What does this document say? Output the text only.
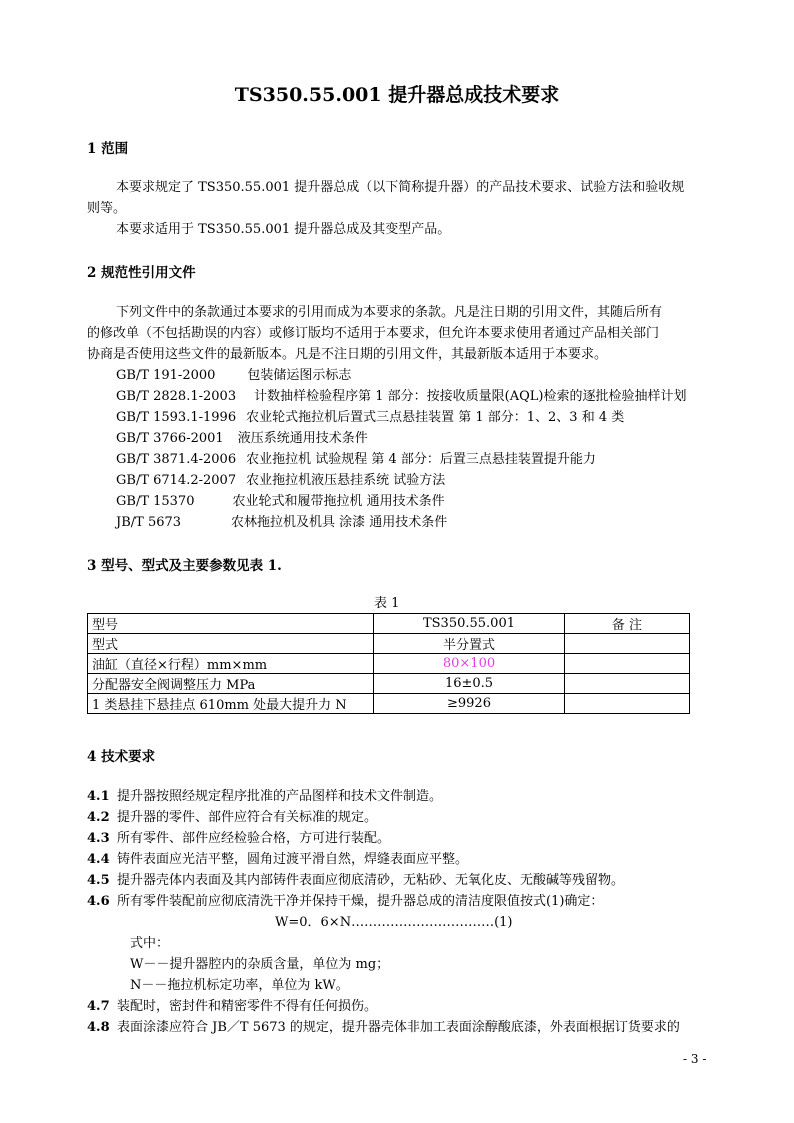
TS350.55.001 提升器总成技术要求
1 范围
本要求规定了 TS350.55.001 提升器总成（以下简称提升器）的产品技术要求、试验方法和验收规
则等。
本要求适用于 TS350.55.001 提升器总成及其变型产品。
2 规范性引用文件
下列文件中的条款通过本要求的引用而成为本要求的条款。凡是注日期的引用文件，其随后所有
的修改单（不包括勘误的内容）或修订版均不适用于本要求，但允许本要求使用者通过产品相关部门
协商是否使用这些文件的最新版本。凡是不注日期的引用文件，其最新版本适用于本要求。
GB/T 191-2000 包装储运图示标志
GB/T 2828.1-2003 计数抽样检验程序第 1 部分：按接收质量限(AQL)检索的逐批检验抽样计划
GB/T 1593.1-1996 农业轮式拖拉机后置式三点悬挂装置 第 1 部分：1、2、3 和 4 类
GB/T 3766-2001 液压系统通用技术条件
GB/T 3871.4-2006 农业拖拉机 试验规程 第 4 部分：后置三点悬挂装置提升能力
GB/T 6714.2-2007 农业拖拉机液压悬挂系统 试验方法
GB/T 15370	农业轮式和履带拖拉机 通用技术条件
JB/T 5673	农林拖拉机及机具 涂漆 通用技术条件
3 型号、型式及主要参数见表 1.
表 1
型号	TS350.55.001	备 注
型式	半分置式	
油缸（直径×行程）mm×mm	80×100	
分配器安全阀调整压力 MPa	16±0.5	
1 类悬挂下悬挂点 610mm 处最大提升力 N	≥9926	
4 技术要求
4.1 提升器按照经规定程序批准的产品图样和技术文件制造。
4.2 提升器的零件、部件应符合有关标准的规定。
4.3 所有零件、部件应经检验合格，方可进行装配。
4.4 铸件表面应光洁平整，圆角过渡平滑自然，焊缝表面应平整。
4.5 提升器壳体内表面及其内部铸件表面应彻底清砂，无粘砂、无氧化皮、无酸碱等残留物。
4.6 所有零件装配前应彻底清洗干净并保持干燥，提升器总成的清洁度限值按式(1)确定：
W=0．6×N……………………………(1)
式中：
W－－提升器腔内的杂质含量，单位为 mg；
N－－拖拉机标定功率，单位为 kW。
4.7 装配时，密封件和精密零件不得有任何损伤。
4.8 表面涂漆应符合 JB／T 5673 的规定，提升器壳体非加工表面涂醇酸底漆，外表面根据订货要求的
- 3 -
